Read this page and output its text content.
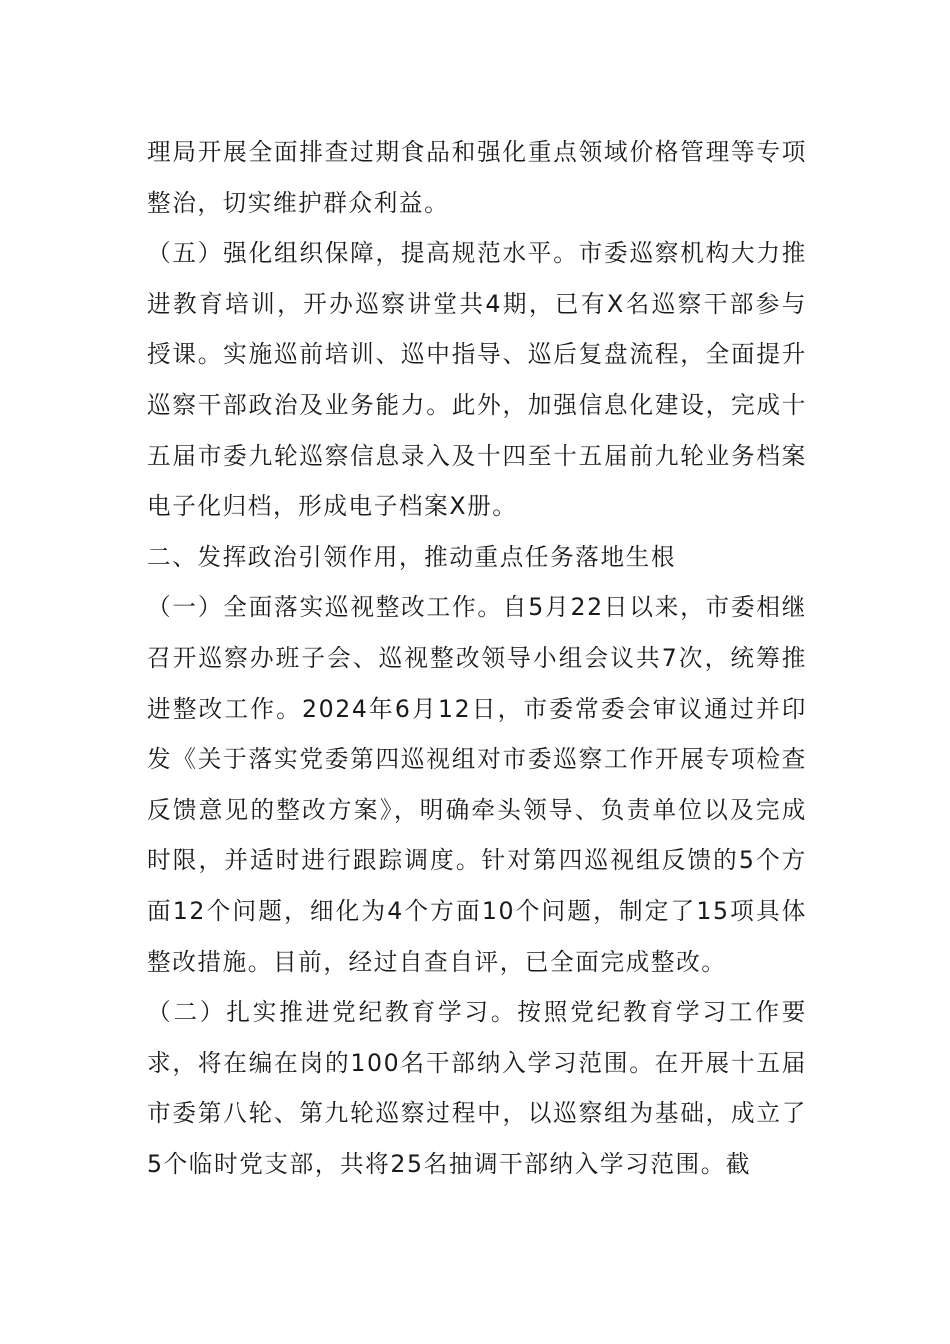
理局开展全面排查过期食品和强化重点领域价格管理等专项整治，切实维护群众利益。

（五）强化组织保障，提高规范水平。市委巡察机构大力推进教育培训，开办巡察讲堂共4期，已有X名巡察干部参与授课。实施巡前培训、巡中指导、巡后复盘流程，全面提升巡察干部政治及业务能力。此外，加强信息化建设，完成十五届市委九轮巡察信息录入及十四至十五届前九轮业务档案电子化归档，形成电子档案X册。

二、发挥政治引领作用，推动重点任务落地生根

（一）全面落实巡视整改工作。自5月22日以来，市委相继召开巡察办班子会、巡视整改领导小组会议共7次，统筹推进整改工作。2024年6月12日，市委常委会审议通过并印发《关于落实党委第四巡视组对市委巡察工作开展专项检查反馈意见的整改方案》，明确牵头领导、负责单位以及完成时限，并适时进行跟踪调度。针对第四巡视组反馈的5个方面12个问题，细化为4个方面10个问题，制定了15项具体整改措施。目前，经过自查自评，已全面完成整改。

（二）扎实推进党纪教育学习。按照党纪教育学习工作要求，将在编在岗的100名干部纳入学习范围。在开展十五届市委第八轮、第九轮巡察过程中，以巡察组为基础，成立了5个临时党支部，共将25名抽调干部纳入学习范围。截
